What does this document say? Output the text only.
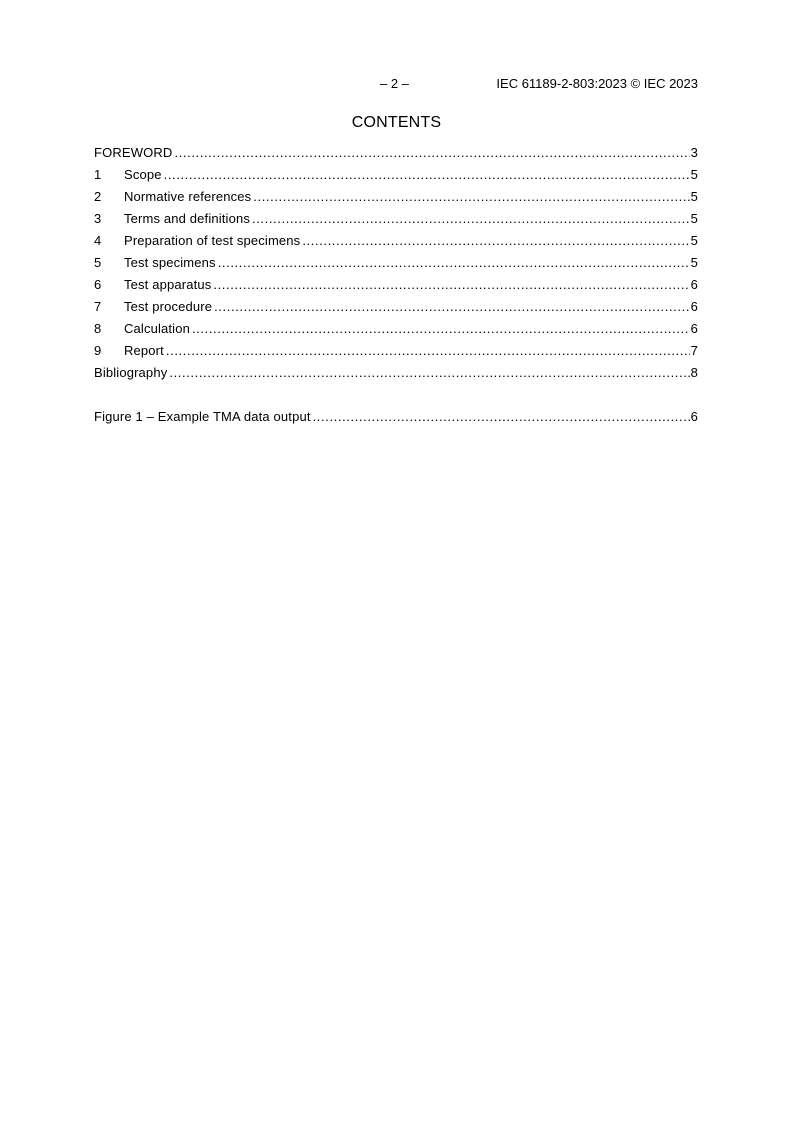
– 2 –	IEC 61189-2-803:2023 © IEC 2023
CONTENTS
FOREWORD .....	3
1	Scope .....	5
2	Normative references .....	5
3	Terms and definitions .....	5
4	Preparation of test specimens .....	5
5	Test specimens .....	5
6	Test apparatus .....	6
7	Test procedure .....	6
8	Calculation .....	6
9	Report .....	7
Bibliography .....	8
Figure 1 – Example TMA data output .....	6
